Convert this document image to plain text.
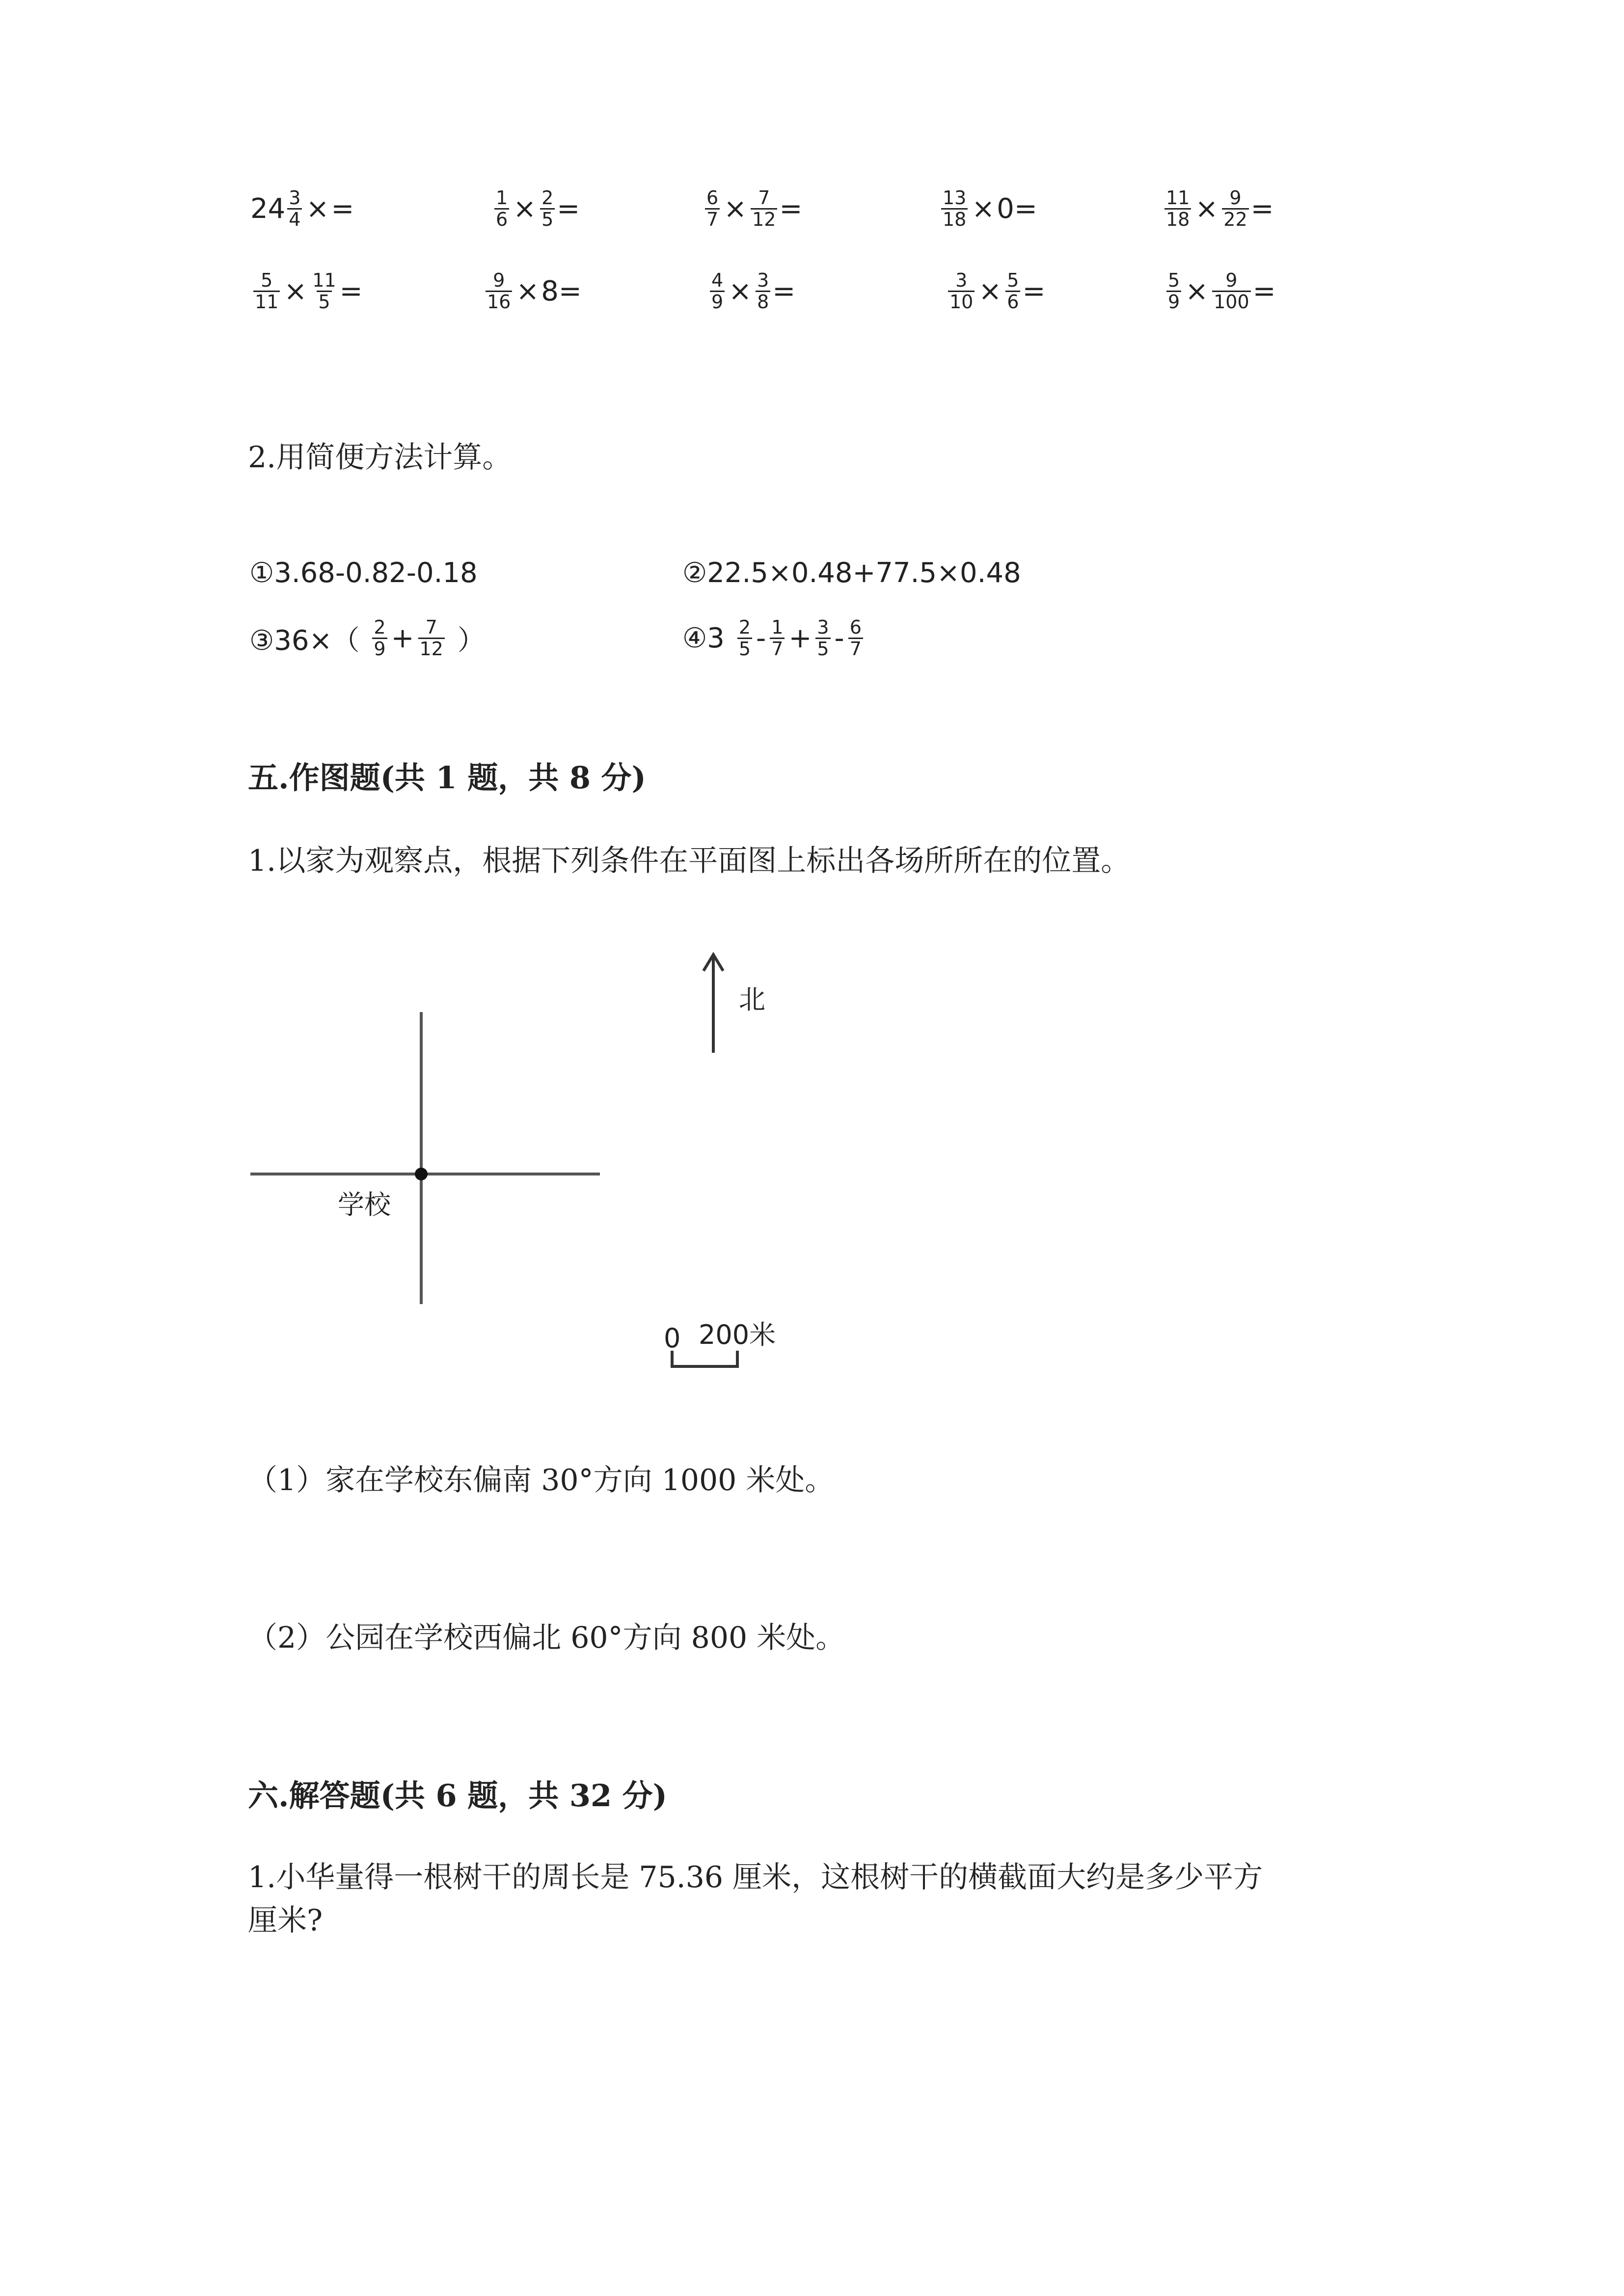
$24 \frac{3}{4}$ × =	$\frac{1}{6} \times \frac{2}{5}$ =	$\frac{6}{7} \times \frac{7}{12}$ =	$\frac{13}{18} \times 0$ =	$\frac{11}{18} \times \frac{9}{22}$ =
$\frac{5}{11} \times \frac{11}{5}$ =	$\frac{9}{16} \times 8$ =	$\frac{4}{9} \times \frac{3}{8}$ =	$\frac{3}{10} \times \frac{5}{6}$ =	$\frac{5}{9} \times \frac{9}{100}$ =
2.用简便方法计算。
①3.68-0.82-0.18	②22.5×0.48+77.5×0.48
③36×（ $\frac{2}{9} + \frac{7}{12}$ ）	④3 $\frac{2}{5} - \frac{1}{7} + \frac{3}{5} - \frac{6}{7}$
五.作图题(共 1 题，共 8 分)
1.以家为观察点，根据下列条件在平面图上标出各场所所在的位置。
北
学校
0 200米
（1）家在学校东偏南 30°方向 1000 米处。
（2）公园在学校西偏北 60°方向 800 米处。
六.解答题(共 6 题，共 32 分)
1.小华量得一根树干的周长是 75.36 厘米，这根树干的横截面大约是多少平方
厘米?
